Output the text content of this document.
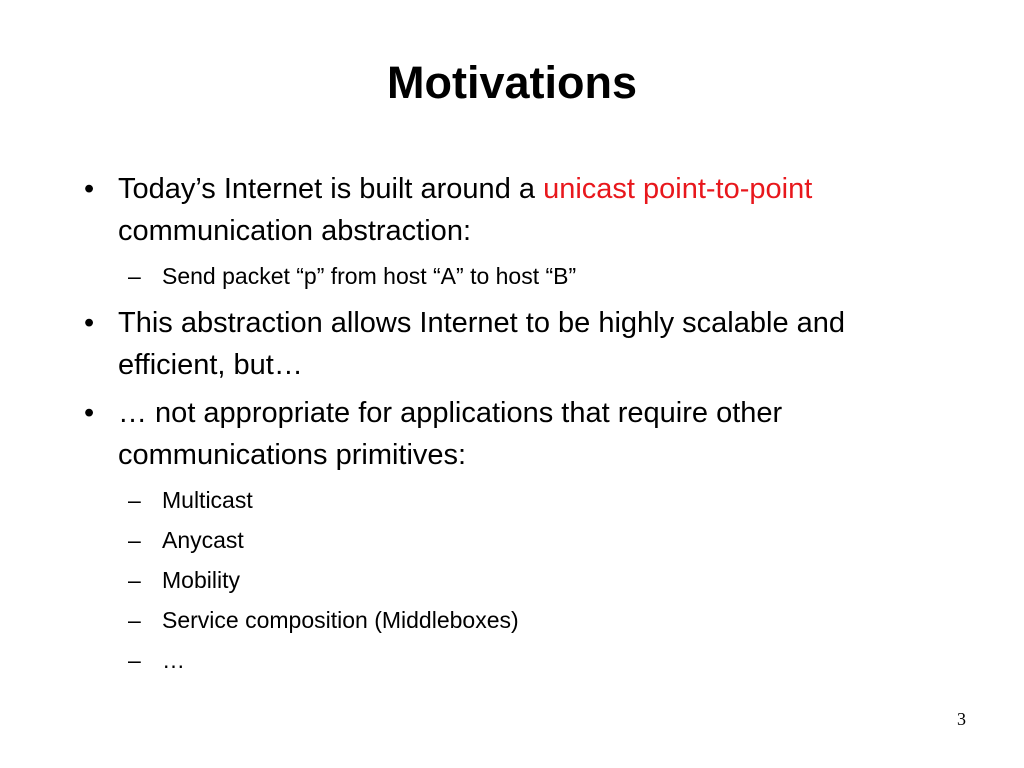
Motivations
• Today’s Internet is built around a unicast point-to-point communication abstraction:
– Send packet “p” from host “A” to host “B”
• This abstraction allows Internet to be highly scalable and efficient, but…
• … not appropriate for applications that require other communications primitives:
– Multicast
– Anycast
– Mobility
– Service composition (Middleboxes)
– …
3
